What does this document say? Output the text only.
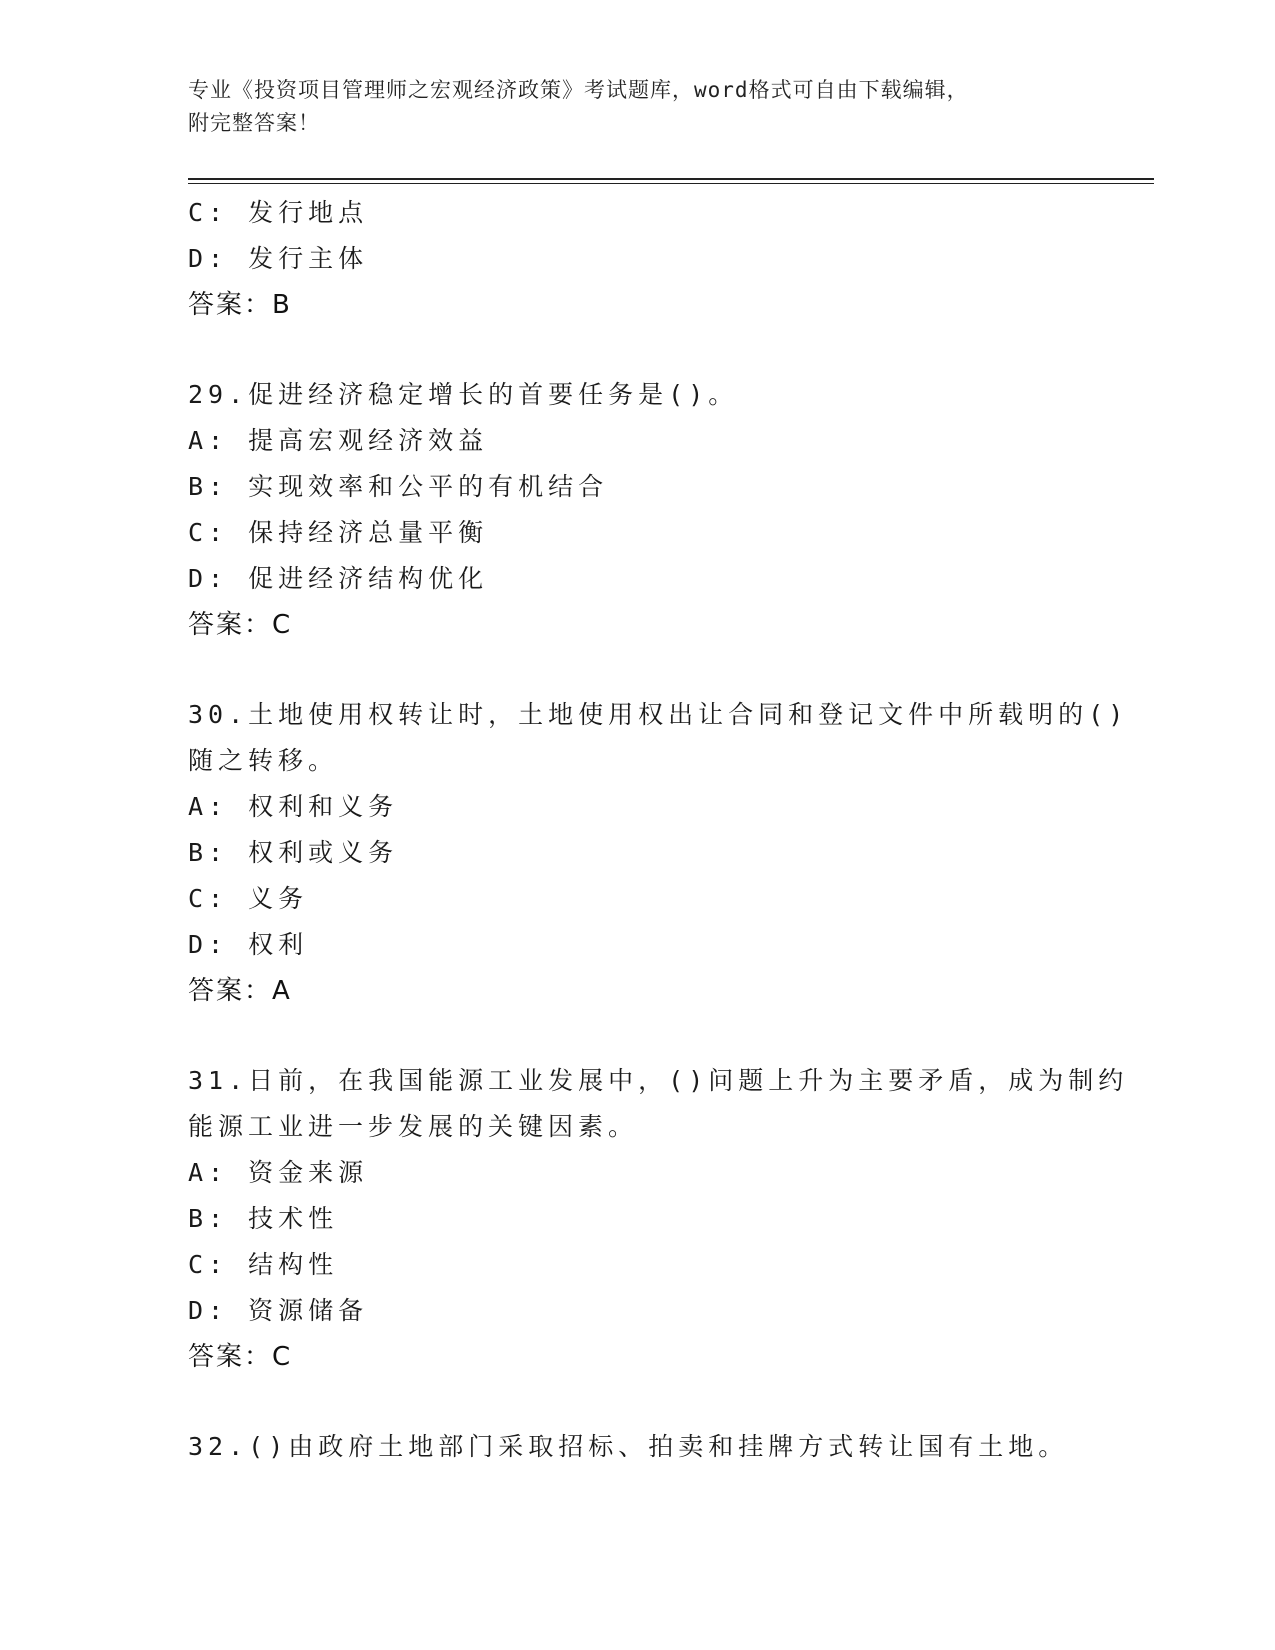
专业《投资项目管理师之宏观经济政策》考试题库，word格式可自由下载编辑，
附完整答案！
C: 发行地点
D: 发行主体
答案：B
29.促进经济稳定增长的首要任务是()。
A: 提高宏观经济效益
B: 实现效率和公平的有机结合
C: 保持经济总量平衡
D: 促进经济结构优化
答案：C
30.土地使用权转让时，土地使用权出让合同和登记文件中所载明的()
随之转移。
A: 权利和义务
B: 权利或义务
C: 义务
D: 权利
答案：A
31.日前，在我国能源工业发展中，()问题上升为主要矛盾，成为制约
能源工业进一步发展的关键因素。
A: 资金来源
B: 技术性
C: 结构性
D: 资源储备
答案：C
32.()由政府土地部门采取招标、拍卖和挂牌方式转让国有土地。
